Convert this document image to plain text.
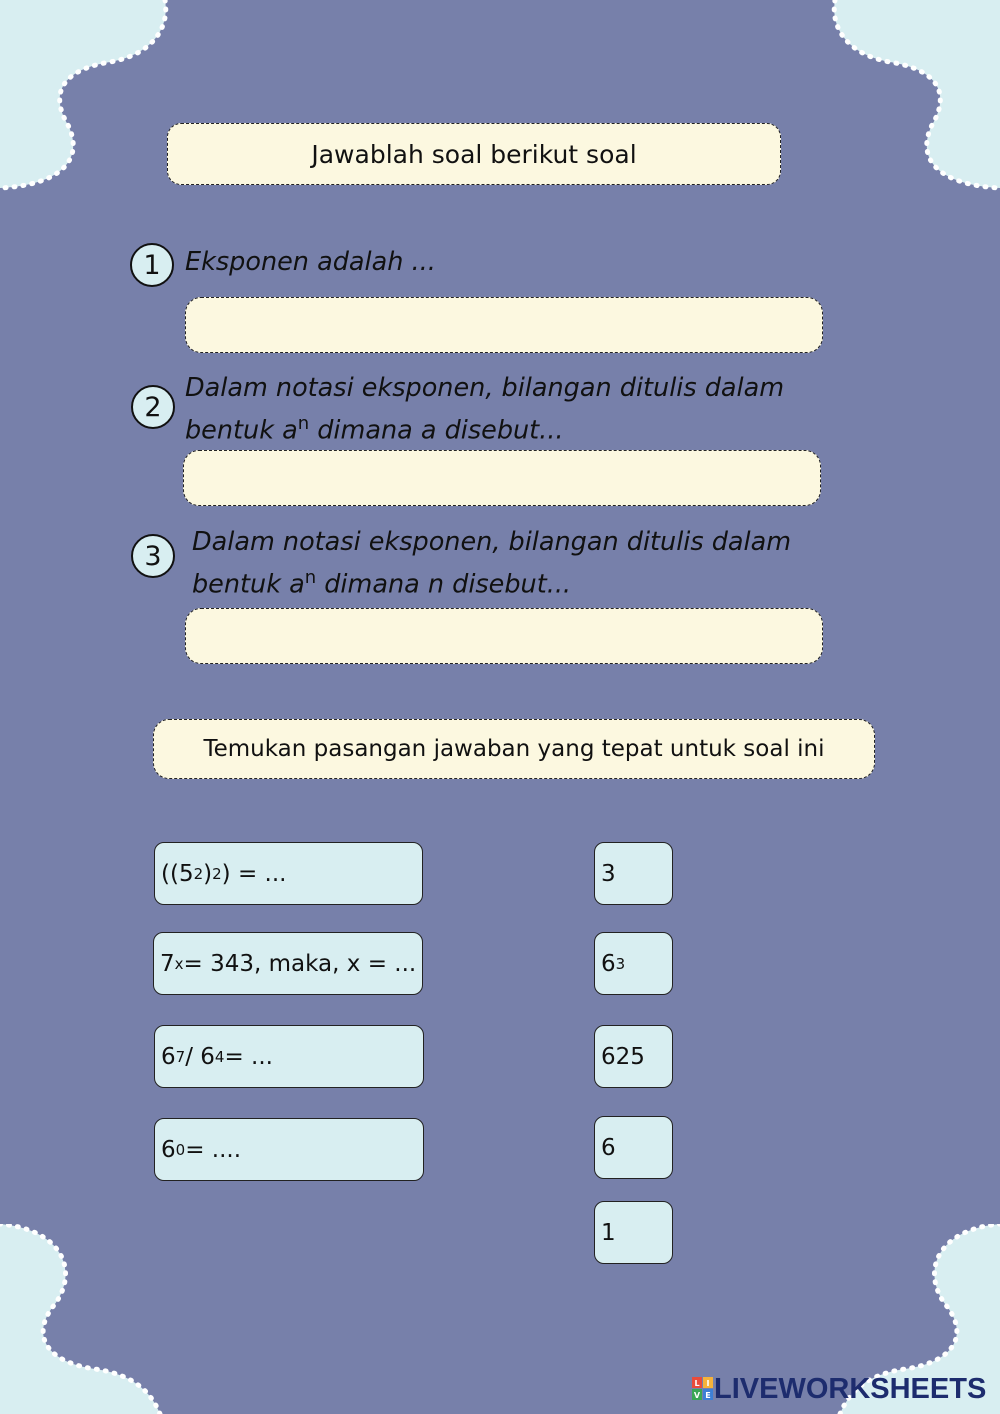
Jawablah soal berikut soal
1 Eksponen adalah ...
2
Dalam notasi eksponen, bilangan ditulis dalam
bentuk $a^n$ dimana a disebut...
3	Dalam notasi eksponen, bilangan ditulis dalam
bentuk $a^n$ dimana n disebut...
Temukan pasangan jawaban yang tepat untuk soal ini
((5 2 ) 2 ) = ...
7 x = 343, maka, x = ...
6 7 / 6 4 = ...
6 0 = ....
3
6 3
625
6
1
L I
V E LIVEWORKSHEETS
